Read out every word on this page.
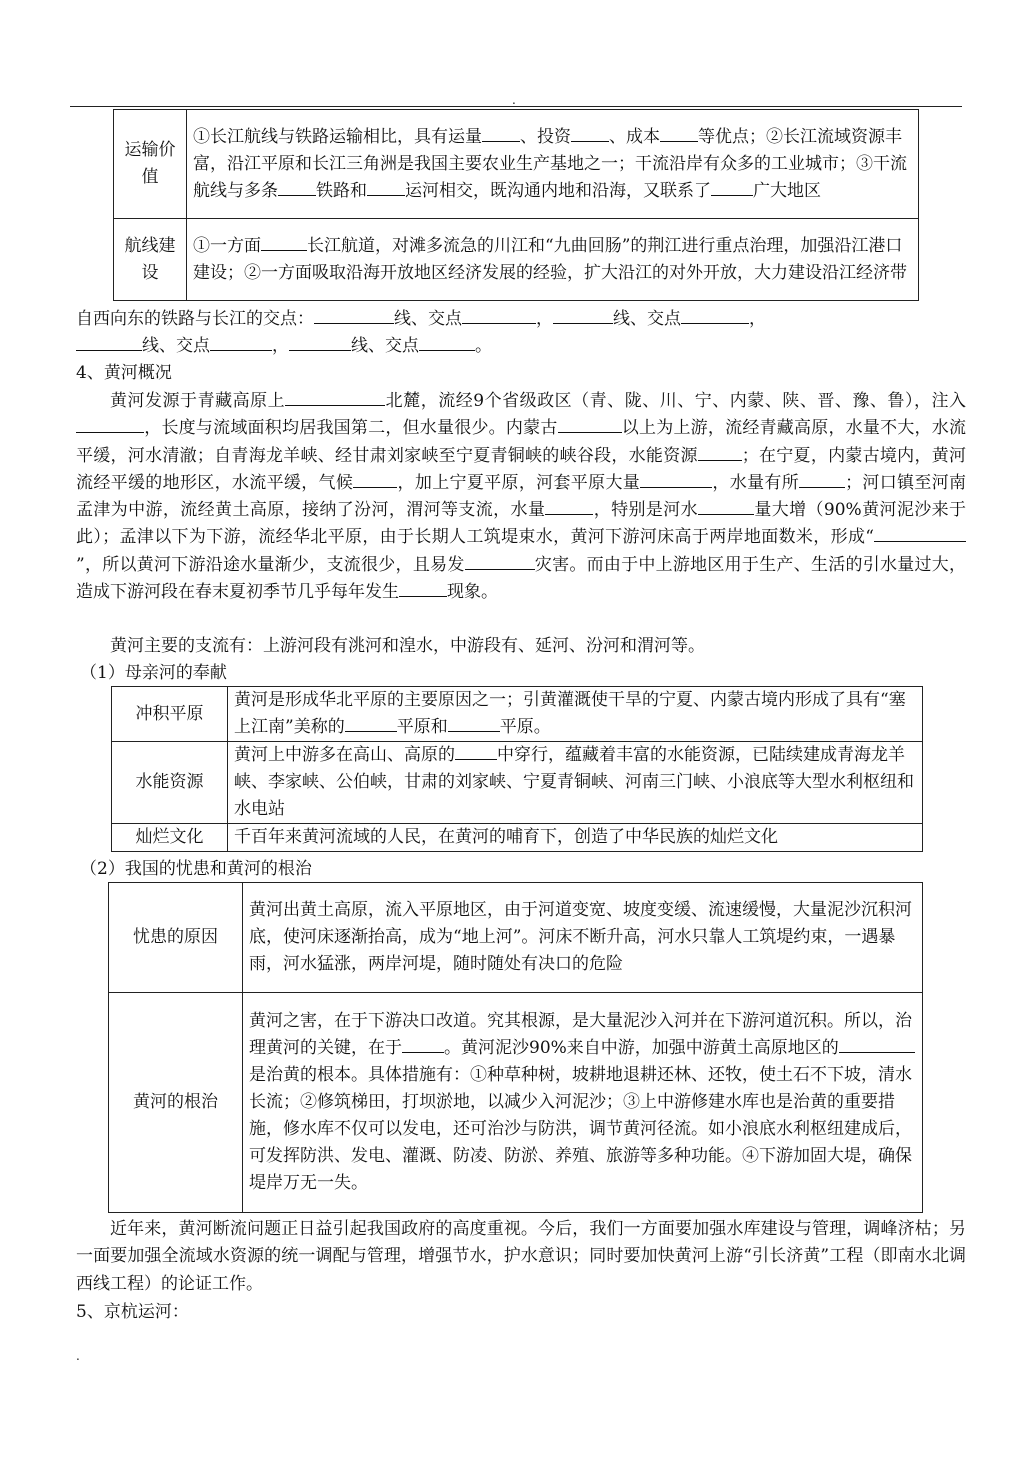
.
运输价值	①长江航线与铁路运输相比，具有运量 、投资 、成本 等优点；②长江流域资源丰富，沿江平原和长江三角洲是我国主要农业生产基地之一；干流沿岸有众多的工业城市；③干流航线与多条 铁路和 运河相交，既沟通内地和沿海，又联系了 广大地区
航线建设	①一方面 长江航道，对滩多流急的川江和“九曲回肠”的荆江进行重点治理，加强沿江港口建设；②一方面吸取沿海开放地区经济发展的经验，扩大沿江的对外开放，大力建设沿江经济带
自西向东的铁路与长江的交点：	线、交点	，	线、交点	，
线、交点	，	线、交点	。
4、黄河概况
黄河发源于青藏高原上	北麓，流经9个省级政区（青、陇、川、宁、内蒙、陕、晋、豫、鲁），注入，长度与流域面积均居我国第二，但水量很少。内蒙古	以上为上游，流经青藏高原，水量不大，水流平缓，河水清澈；自青海龙羊峡、经甘肃刘家峡至宁夏青铜峡的峡谷段，水能资源	；在宁夏，内蒙古境内，黄河流经平缓的地形区，水流平缓，气候	，加上宁夏平原，河套平原大量	，水量有所	；河口镇至河南孟津为中游，流经黄土高原，接纳了汾河，渭河等支流，水量	，特别是河水	量大增（90%黄河泥沙来于此）；孟津以下为下游，流经华北平原，由于长期人工筑堤束水，黄河下游河床高于两岸地面数米，形成“”，所以黄河下游沿途水量渐少，支流很少，且易发	灾害。而由于中上游地区用于生产、生活的引水量过大，造成下游河段在春末夏初季节几乎每年发生	现象。
黄河主要的支流有：上游河段有洮河和湟水，中游段有、延河、汾河和渭河等。
（1）母亲河的奉献
冲积平原	黄河是形成华北平原的主要原因之一；引黄灌溉使干旱的宁夏、内蒙古境内形成了具有“塞上江南”美称的 平原和 平原。
水能资源	黄河上中游多在高山、高原的 中穿行，蕴藏着丰富的水能资源，已陆续建成青海龙羊峡、李家峡、公伯峡，甘肃的刘家峡、宁夏青铜峡、河南三门峡、小浪底等大型水利枢纽和水电站
灿烂文化	千百年来黄河流域的人民，在黄河的哺育下，创造了中华民族的灿烂文化
（2）我国的忧患和黄河的根治
忧患的原因	黄河出黄土高原，流入平原地区，由于河道变宽、坡度变缓、流速缓慢，大量泥沙沉积河底，使河床逐渐抬高，成为“地上河”。河床不断升高，河水只靠人工筑堤约束，一遇暴雨，河水猛涨，两岸河堤，随时随处有决口的危险
黄河的根治	黄河之害，在于下游决口改道。究其根源，是大量泥沙入河并在下游河道沉积。所以，治理黄河的关键，在于 。黄河泥沙90%来自中游，加强中游黄土高原地区的是治黄的根本。具体措施有：①种草种树，坡耕地退耕还林、还牧，使土石不下坡，清水长流；②修筑梯田，打坝淤地，以减少入河泥沙；③上中游修建水库也是治黄的重要措施，修水库不仅可以发电，还可治沙与防洪，调节黄河径流。如小浪底水利枢纽建成后，可发挥防洪、发电、灌溉、防凌、防淤、养殖、旅游等多种功能。④下游加固大堤，确保堤岸万无一失。
近年来，黄河断流问题正日益引起我国政府的高度重视。今后，我们一方面要加强水库建设与管理，调峰济枯；另一面要加强全流域水资源的统一调配与管理，增强节水，护水意识；同时要加快黄河上游“引长济黄”工程（即南水北调西线工程）的论证工作。
5、京杭运河：
.
